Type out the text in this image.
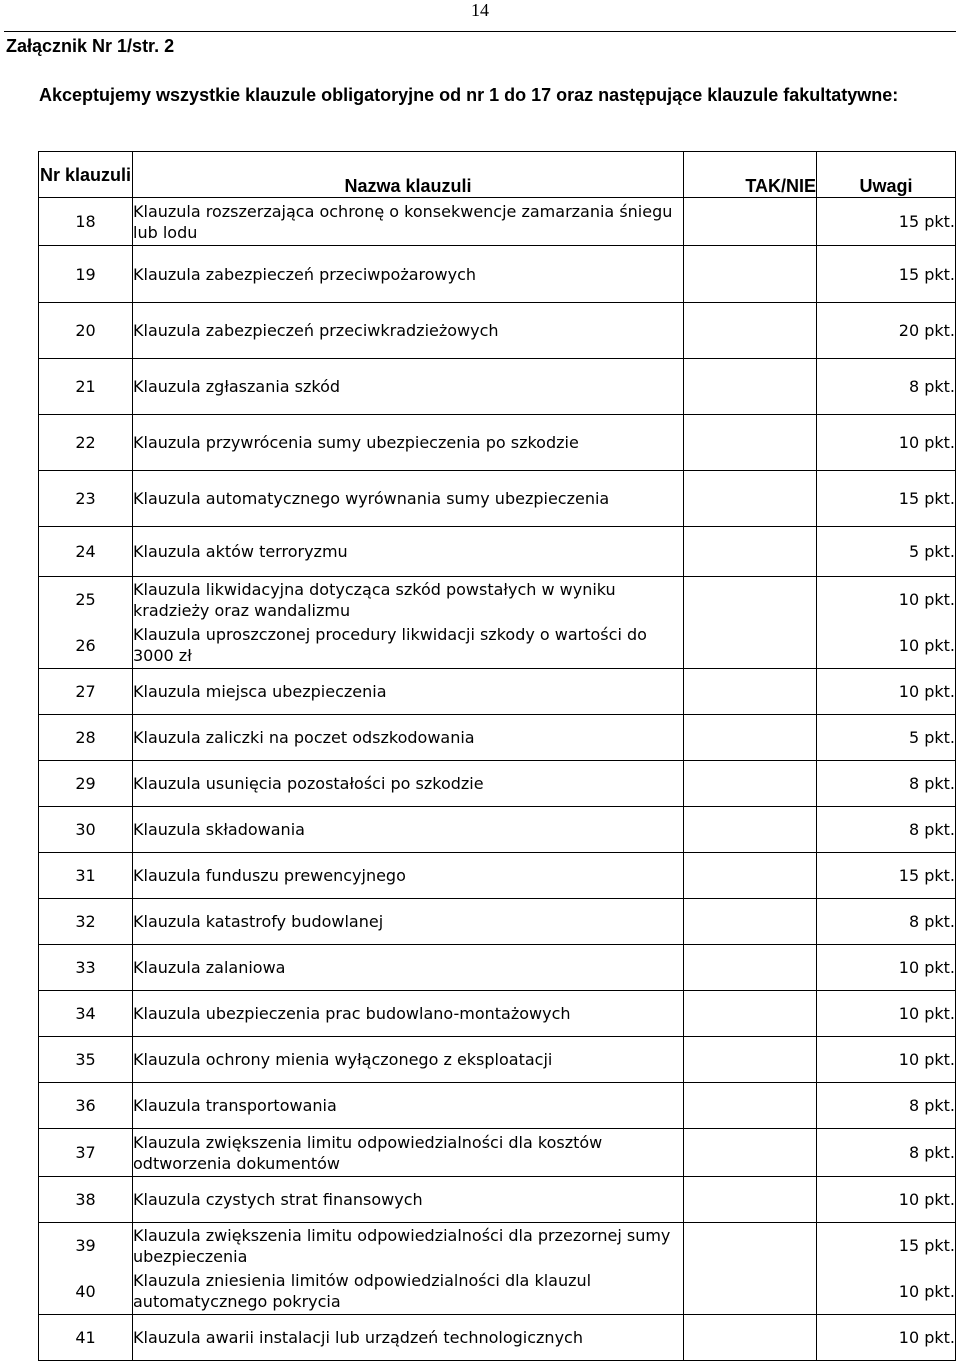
14
Załącznik Nr 1/str. 2
Akceptujemy wszystkie klauzule obligatoryjne od nr 1 do 17 oraz następujące klauzule fakultatywne:
Nr klauzuli	Nazwa klauzuli	TAK/NIE	Uwagi
18	Klauzula rozszerzająca ochronę o konsekwencje zamarzania śniegu lub lodu		15 pkt.
19	Klauzula zabezpieczeń przeciwpożarowych		15 pkt.
20	Klauzula zabezpieczeń przeciwkradzieżowych		20 pkt.
21	Klauzula zgłaszania szkód		8 pkt.
22	Klauzula przywrócenia sumy ubezpieczenia po szkodzie		10 pkt.
23	Klauzula automatycznego wyrównania sumy ubezpieczenia		15 pkt.
24	Klauzula aktów terroryzmu		5 pkt.
25	Klauzula likwidacyjna dotycząca szkód powstałych w wyniku kradzieży oraz wandalizmu		10 pkt.
26	Klauzula uproszczonej procedury likwidacji szkody o wartości do 3000 zł		10 pkt.
27	Klauzula miejsca ubezpieczenia		10 pkt.
28	Klauzula zaliczki na poczet odszkodowania		5 pkt.
29	Klauzula usunięcia pozostałości po szkodzie		8 pkt.
30	Klauzula składowania		8 pkt.
31	Klauzula funduszu prewencyjnego		15 pkt.
32	Klauzula katastrofy budowlanej		8 pkt.
33	Klauzula zalaniowa		10 pkt.
34	Klauzula ubezpieczenia prac budowlano-montażowych		10 pkt.
35	Klauzula ochrony mienia wyłączonego z eksploatacji		10 pkt.
36	Klauzula transportowania		8 pkt.
37	Klauzula zwiększenia limitu odpowiedzialności dla kosztów odtworzenia dokumentów		8 pkt.
38	Klauzula czystych strat finansowych		10 pkt.
39	Klauzula zwiększenia limitu odpowiedzialności dla przezornej sumy ubezpieczenia		15 pkt.
40	Klauzula zniesienia limitów odpowiedzialności dla klauzul automatycznego pokrycia		10 pkt.
41	Klauzula awarii instalacji lub urządzeń technologicznych		10 pkt.
